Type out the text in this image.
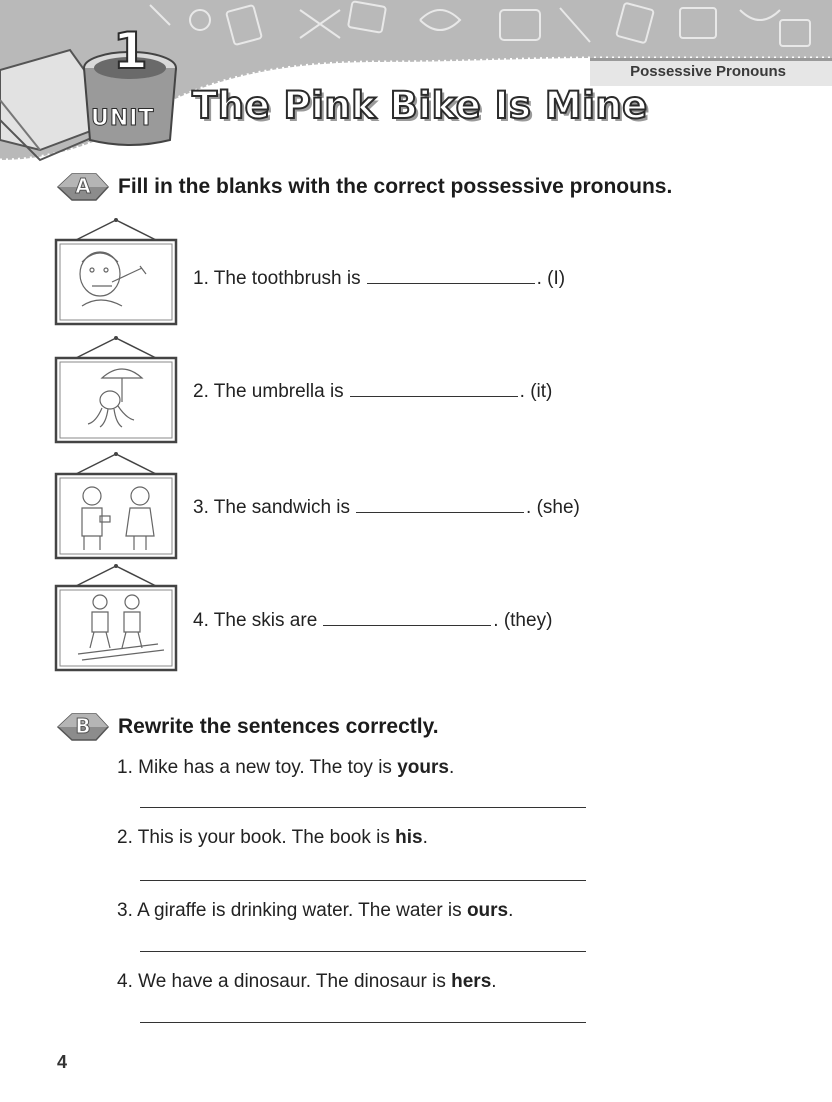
1
UNIT The Pink Bike Is Mine
Possessive Pronouns
A Fill in the blanks with the correct possessive pronouns.
1. The toothbrush is	. (I)
2. The umbrella is	. (it)
3. The sandwich is	. (she)
4. The skis are	. (they)
B Rewrite the sentences correctly.
1. Mike has a new toy. The toy is yours.
2. This is your book. The book is his.
3. A giraffe is drinking water. The water is ours.
4. We have a dinosaur. The dinosaur is hers.
4
